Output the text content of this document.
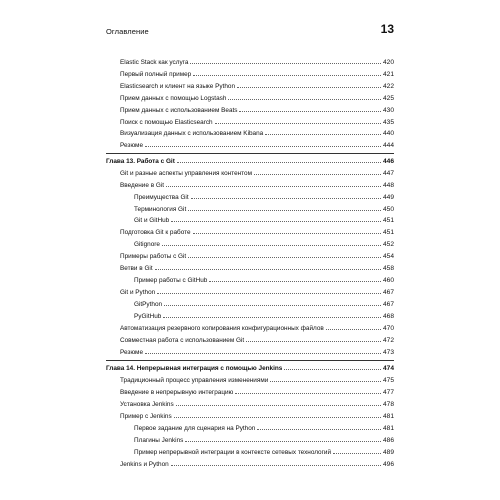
Оглавление	13
Elastic Stack как услуга	420
Первый полный пример	421
Elasticsearch и клиент на языке Python	422
Прием данных с помощью Logstash	425
Прием данных с использованием Beats	430
Поиск с помощью Elasticsearch	435
Визуализация данных с использованием Kibana	440
Резюме	444
Глава 13. Работа с Git	446
Git и разные аспекты управления контентом	447
Введение в Git	448
Преимущества Git	449
Терминология Git	450
Git и GitHub	451
Подготовка Git к работе	451
Gitignore	452
Примеры работы с Git	454
Ветви в Git	458
Пример работы с GitHub	460
Git и Python	467
GitPython	467
PyGitHub	468
Автоматизация резервного копирования конфигурационных файлов	470
Совместная работа с использованием Git	472
Резюме	473
Глава 14. Непрерывная интеграция с помощью Jenkins	474
Традиционный процесс управления изменениями	475
Введение в непрерывную интеграцию	477
Установка Jenkins	478
Пример с Jenkins	481
Первое задание для сценария на Python	481
Плагины Jenkins	486
Пример непрерывной интеграции в контексте сетевых технологий	489
Jenkins и Python	496
